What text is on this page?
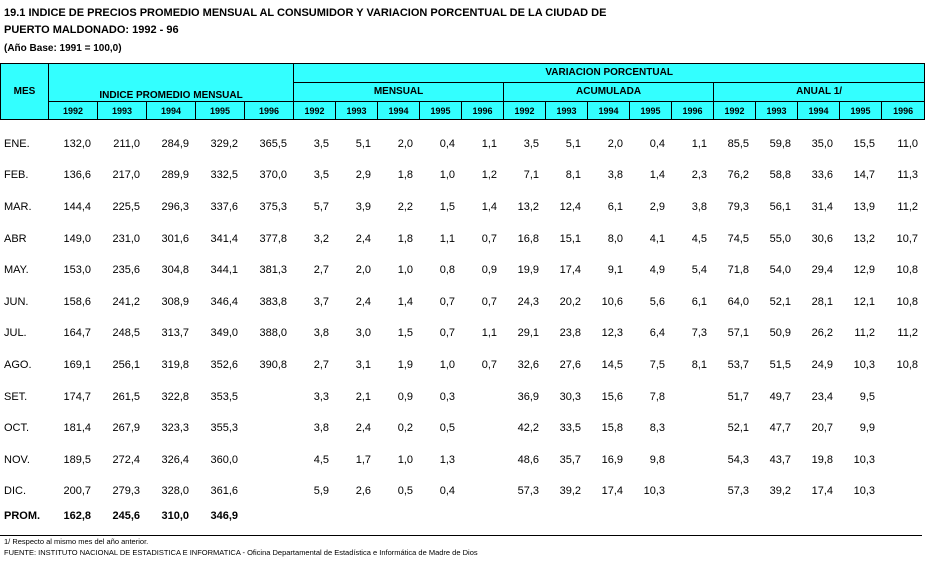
19.1 INDICE DE PRECIOS PROMEDIO MENSUAL AL CONSUMIDOR Y VARIACION PORCENTUAL DE LA CIUDAD DE
PUERTO MALDONADO: 1992 - 96
(Año Base: 1991 = 100,0)
MES	INDICE PROMEDIO MENSUAL					VARIACION PORCENTUAL														
						MENSUAL					ACUMULADA					ANUAL 1/				
	1992	1993	1994	1995	1996	1992	1993	1994	1995	1996	1992	1993	1994	1995	1996	1992	1993	1994	1995	1996
ENE.	132,0	211,0	284,9	329,2	365,5	3,5	5,1	2,0	0,4	1,1	3,5	5,1	2,0	0,4	1,1	85,5	59,8	35,0	15,5	11,0
FEB.	136,6	217,0	289,9	332,5	370,0	3,5	2,9	1,8	1,0	1,2	7,1	8,1	3,8	1,4	2,3	76,2	58,8	33,6	14,7	11,3
MAR.	144,4	225,5	296,3	337,6	375,3	5,7	3,9	2,2	1,5	1,4	13,2	12,4	6,1	2,9	3,8	79,3	56,1	31,4	13,9	11,2
ABR	149,0	231,0	301,6	341,4	377,8	3,2	2,4	1,8	1,1	0,7	16,8	15,1	8,0	4,1	4,5	74,5	55,0	30,6	13,2	10,7
MAY.	153,0	235,6	304,8	344,1	381,3	2,7	2,0	1,0	0,8	0,9	19,9	17,4	9,1	4,9	5,4	71,8	54,0	29,4	12,9	10,8
JUN.	158,6	241,2	308,9	346,4	383,8	3,7	2,4	1,4	0,7	0,7	24,3	20,2	10,6	5,6	6,1	64,0	52,1	28,1	12,1	10,8
JUL.	164,7	248,5	313,7	349,0	388,0	3,8	3,0	1,5	0,7	1,1	29,1	23,8	12,3	6,4	7,3	57,1	50,9	26,2	11,2	11,2
AGO.	169,1	256,1	319,8	352,6	390,8	2,7	3,1	1,9	1,0	0,7	32,6	27,6	14,5	7,5	8,1	53,7	51,5	24,9	10,3	10,8
SET.	174,7	261,5	322,8	353,5		3,3	2,1	0,9	0,3		36,9	30,3	15,6	7,8		51,7	49,7	23,4	9,5	
OCT.	181,4	267,9	323,3	355,3		3,8	2,4	0,2	0,5		42,2	33,5	15,8	8,3		52,1	47,7	20,7	9,9	
NOV.	189,5	272,4	326,4	360,0		4,5	1,7	1,0	1,3		48,6	35,7	16,9	9,8		54,3	43,7	19,8	10,3	
DIC.	200,7	279,3	328,0	361,6		5,9	2,6	0,5	0,4		57,3	39,2	17,4	10,3		57,3	39,2	17,4	10,3	
PROM.	162,8	245,6	310,0	346,9																
1/ Respecto al mismo mes del año anterior.
FUENTE: INSTITUTO NACIONAL DE ESTADISTICA E INFORMATICA - Oficina Departamental de Estadística e Informática de Madre de Dios
